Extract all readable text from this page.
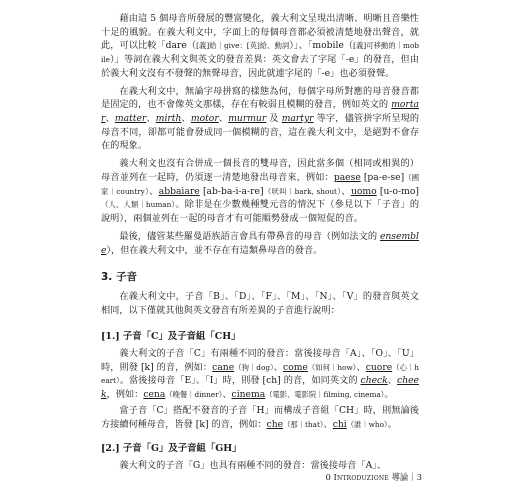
藉由這 5 個母音所發展的豐富變化，義大利文呈現出清晰、明晰且音樂性十足的風貌。在義大利文中，字面上的每個母音都必須被清楚地發出聲音，就此，可以比較「dare（[義]給｜give：[英]給、動詞）」、「mobile（[義]可移動的｜mobile）」等詞在義大利文與英文的發音差異：英文會去了字尾「-e」的發音，但由於義大利文沒有不發聲的無聲母音，因此就連字尾的「-e」也必須發聲。

在義大利文中，無論字母拼寫的樣態為何，每個字母所對應的母音發音都是固定的，也不會像英文那樣，存在有較弱且模糊的發音，例如英文的 mortar、matter、mirth、motor、murmur 及 martyr 等字，儘管拼字所呈現的母音不同，卻都可能會發成同一個模糊的音，這在義大利文中，是絕對不會存在的現象。

義大利文也沒有合併成一個長音的雙母音，因此當多個（相同或相異的）母音並列在一起時，仍須逐一清楚地發出母音來，例如：paese [pa-e-se]（國家｜country）、abbaiare [ab-ba-i-a-re]（吠叫｜bark, shout）、uomo [u-o-mo]（人、人類｜human）。除非是在少數幾種雙元音的情況下（參見以下「子音」的說明），兩個並列在一起的母音才有可能順勢發成一個短促的音。

最後，儘管某些羅曼語族語言會具有帶鼻音的母音（例如法文的 ensemble），但在義大利文中，並不存在有這類鼻母音的發音。

3. 子音

在義大利文中，子音「B」、「D」、「F」、「M」、「N」、「V」的發音與英文相同，以下僅就其他與英文發音有所差異的子音進行說明：

[1.] 子音「C」及子音組「CH」

義大利文的子音「C」有兩種不同的發音：當後接母音「A」、「O」、「U」時，則發 [k] 的音，例如：cane（狗｜dog）、come（如何｜how）、cuore（心｜heart）。當後接母音「E」、「I」時，則發 [ch] 的音，如同英文的 check、cheek，例如：cena（晚餐｜dinner）、cinema（電影、電影院｜filming, cinema）。

當子音「C」搭配不發音的子音「H」而構成子音組「CH」時，則無論後方接續何種母音，皆發 [k] 的音，例如：che（那｜that）、chi（誰｜who）。

0 Introduzione 導論｜3
[2.] 子音「G」及子音組「GH」

義大利文的子音「G」也具有兩種不同的發音：當後接母音「A」、
